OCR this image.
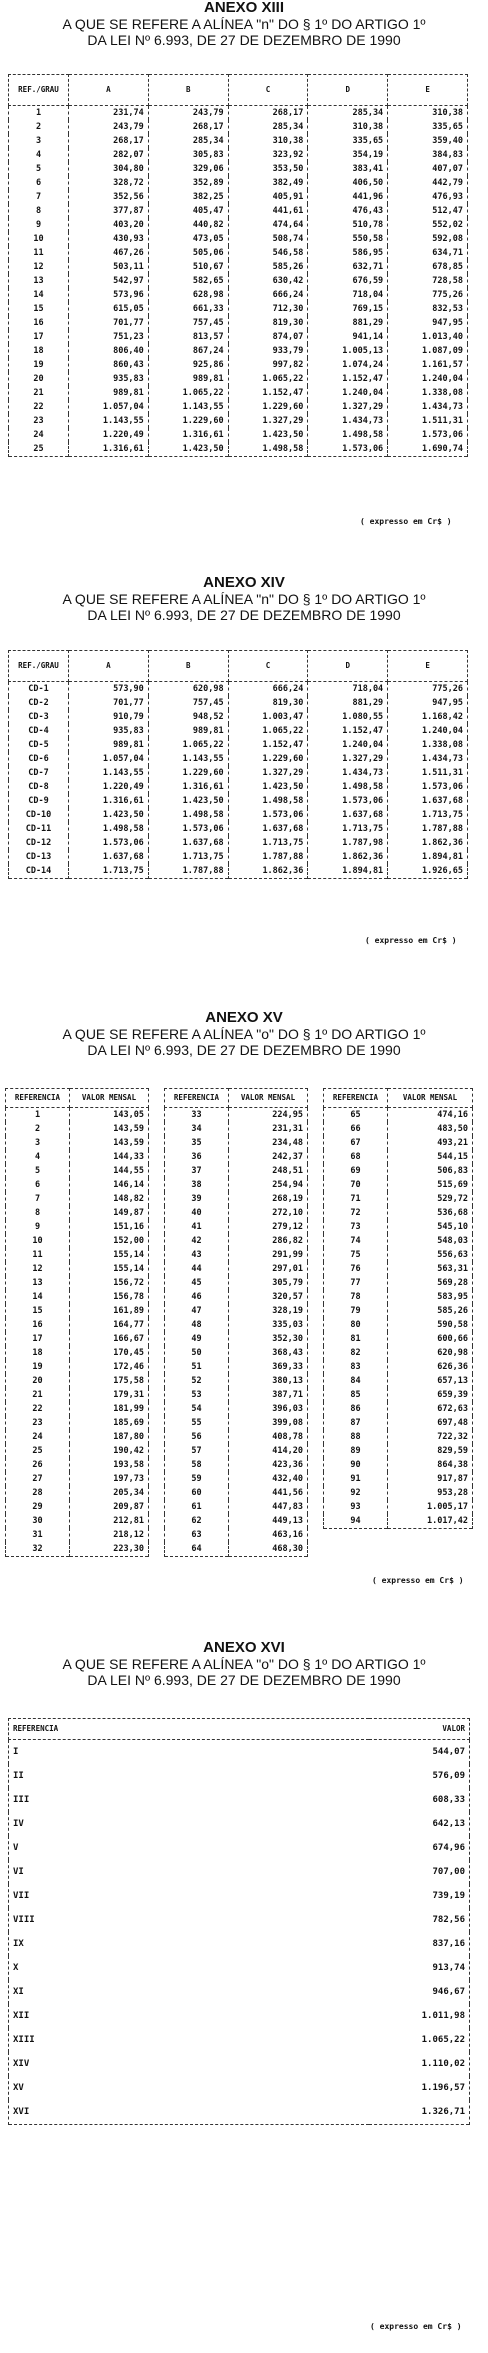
ANEXO XIII
A QUE SE REFERE A ALÍNEA "n" DO § 1º DO ARTIGO 1º
DA LEI Nº 6.993, DE 27 DE DEZEMBRO DE 1990
REF./GRAU	A	B	C	D	E
1	231,74	243,79	268,17	285,34	310,38
2	243,79	268,17	285,34	310,38	335,65
3	268,17	285,34	310,38	335,65	359,40
4	282,07	305,83	323,92	354,19	384,83
5	304,80	329,06	353,50	383,41	407,07
6	328,72	352,89	382,49	406,50	442,79
7	352,56	382,25	405,91	441,96	476,93
8	377,87	405,47	441,61	476,43	512,47
9	403,20	440,82	474,64	510,78	552,02
10	430,93	473,05	508,74	550,58	592,08
11	467,26	505,06	546,58	586,95	634,71
12	503,11	510,67	585,26	632,71	678,85
13	542,97	582,65	630,42	676,59	728,58
14	573,96	628,98	666,24	718,04	775,26
15	615,05	661,33	712,30	769,15	832,53
16	701,77	757,45	819,30	881,29	947,95
17	751,23	813,57	874,07	941,14	1.013,40
18	806,40	867,24	933,79	1.005,13	1.087,09
19	860,43	925,86	997,82	1.074,24	1.161,57
20	935,83	989,81	1.065,22	1.152,47	1.240,04
21	989,81	1.065,22	1.152,47	1.240,04	1.338,08
22	1.057,04	1.143,55	1.229,60	1.327,29	1.434,73
23	1.143,55	1.229,60	1.327,29	1.434,73	1.511,31
24	1.220,49	1.316,61	1.423,50	1.498,58	1.573,06
25	1.316,61	1.423,50	1.498,58	1.573,06	1.690,74
( expresso em Cr$ )
ANEXO XIV
A QUE SE REFERE A ALÍNEA "n" DO § 1º DO ARTIGO 1º
DA LEI Nº 6.993, DE 27 DE DEZEMBRO DE 1990
REF./GRAU	A	B	C	D	E
CD-1	573,90	620,98	666,24	718,04	775,26
CD-2	701,77	757,45	819,30	881,29	947,95
CD-3	910,79	948,52	1.003,47	1.080,55	1.168,42
CD-4	935,83	989,81	1.065,22	1.152,47	1.240,04
CD-5	989,81	1.065,22	1.152,47	1.240,04	1.338,08
CD-6	1.057,04	1.143,55	1.229,60	1.327,29	1.434,73
CD-7	1.143,55	1.229,60	1.327,29	1.434,73	1.511,31
CD-8	1.220,49	1.316,61	1.423,50	1.498,58	1.573,06
CD-9	1.316,61	1.423,50	1.498,58	1.573,06	1.637,68
CD-10	1.423,50	1.498,58	1.573,06	1.637,68	1.713,75
CD-11	1.498,58	1.573,06	1.637,68	1.713,75	1.787,88
CD-12	1.573,06	1.637,68	1.713,75	1.787,98	1.862,36
CD-13	1.637,68	1.713,75	1.787,88	1.862,36	1.894,81
CD-14	1.713,75	1.787,88	1.862,36	1.894,81	1.926,65
( expresso em Cr$ )
ANEXO XV
A QUE SE REFERE A ALÍNEA "o" DO § 1º DO ARTIGO 1º
DA LEI Nº 6.993, DE 27 DE DEZEMBRO DE 1990
REFERENCIA	VALOR MENSAL
1	143,05
2	143,59
3	143,59
4	144,33
5	144,55
6	146,14
7	148,82
8	149,87
9	151,16
10	152,00
11	155,14
12	155,14
13	156,72
14	156,78
15	161,89
16	164,77
17	166,67
18	170,45
19	172,46
20	175,58
21	179,31
22	181,99
23	185,69
24	187,80
25	190,42
26	193,58
27	197,73
28	205,34
29	209,87
30	212,81
31	218,12
32	223,30
REFERENCIA	VALOR MENSAL
33	224,95
34	231,31
35	234,48
36	242,37
37	248,51
38	254,94
39	268,19
40	272,10
41	279,12
42	286,82
43	291,99
44	297,01
45	305,79
46	320,57
47	328,19
48	335,03
49	352,30
50	368,43
51	369,33
52	380,13
53	387,71
54	396,03
55	399,08
56	408,78
57	414,20
58	423,36
59	432,40
60	441,56
61	447,83
62	449,13
63	463,16
64	468,30
REFERENCIA	VALOR MENSAL
65	474,16
66	483,50
67	493,21
68	544,15
69	506,83
70	515,69
71	529,72
72	536,68
73	545,10
74	548,03
75	556,63
76	563,31
77	569,28
78	583,95
79	585,26
80	590,58
81	600,66
82	620,98
83	626,36
84	657,13
85	659,39
86	672,63
87	697,48
88	722,32
89	829,59
90	864,38
91	917,87
92	953,28
93	1.005,17
94	1.017,42
( expresso em Cr$ )
ANEXO XVI
A QUE SE REFERE A ALÍNEA "o" DO § 1º DO ARTIGO 1º
DA LEI Nº 6.993, DE 27 DE DEZEMBRO DE 1990
REFERENCIA	VALOR
I	544,07
II	576,09
III	608,33
IV	642,13
V	674,96
VI	707,00
VII	739,19
VIII	782,56
IX	837,16
X	913,74
XI	946,67
XII	1.011,98
XIII	1.065,22
XIV	1.110,02
XV	1.196,57
XVI	1.326,71
( expresso em Cr$ )
